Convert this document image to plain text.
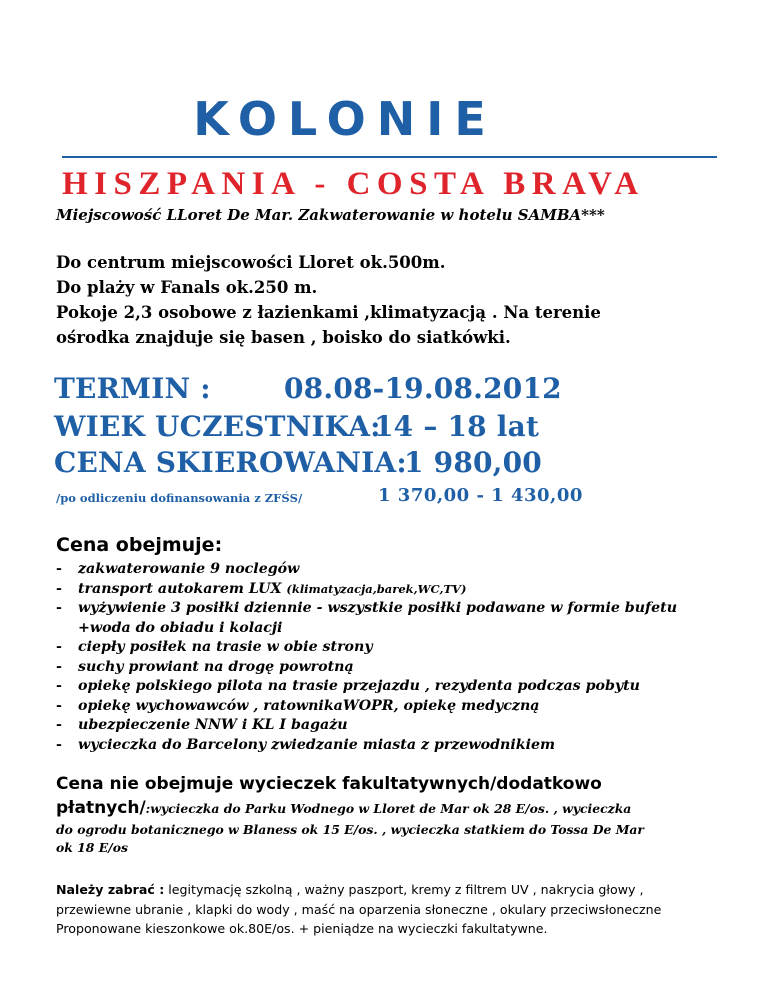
KOLONIE
HISZPANIA - COSTA BRAVA
Miejscowość LLoret De Mar. Zakwaterowanie w hotelu SAMBA***
Do centrum miejscowości Lloret ok.500m.
Do plaży w Fanals ok.250 m.
Pokoje 2,3 osobowe z łazienkami ,klimatyzacją . Na terenie
ośrodka znajduje się basen , boisko do siatkówki.
TERMIN :	08.08-19.08.2012
WIEK UCZESTNIKA:
14 – 18 lat
CENA SKIEROWANIA:
1 980,00
/po odliczeniu dofinansowania z ZFŚS/	1 370,00 - 1 430,00
Cena obejmuje:
- zakwaterowanie 9 noclegów
- transport autokarem LUX (klimatyzacja,barek,WC,TV)
- wyżywienie 3 posiłki dziennie - wszystkie posiłki podawane w formie bufetu
+woda do obiadu i kolacji
- ciepły posiłek na trasie w obie strony
- suchy prowiant na drogę powrotną
- opiekę polskiego pilota na trasie przejazdu , rezydenta podczas pobytu
- opiekę wychowawców , ratownikaWOPR, opiekę medyczną
- ubezpieczenie NNW i KL I bagażu
- wycieczka do Barcelony zwiedzanie miasta z przewodnikiem
Cena nie obejmuje wycieczek fakultatywnych/dodatkowo
płatnych/:wycieczka do Parku Wodnego w Lloret de Mar ok 28 E/os. , wycieczka
do ogrodu botanicznego w Blaness ok 15 E/os. , wycieczka statkiem do Tossa De Mar
ok 18 E/os
Należy zabrać : legitymację szkolną , ważny paszport, kremy z filtrem UV , nakrycia głowy ,
przewiewne ubranie , klapki do wody , maść na oparzenia słoneczne , okulary przeciwsłoneczne
Proponowane kieszonkowe ok.80E/os. + pieniądze na wycieczki fakultatywne.
